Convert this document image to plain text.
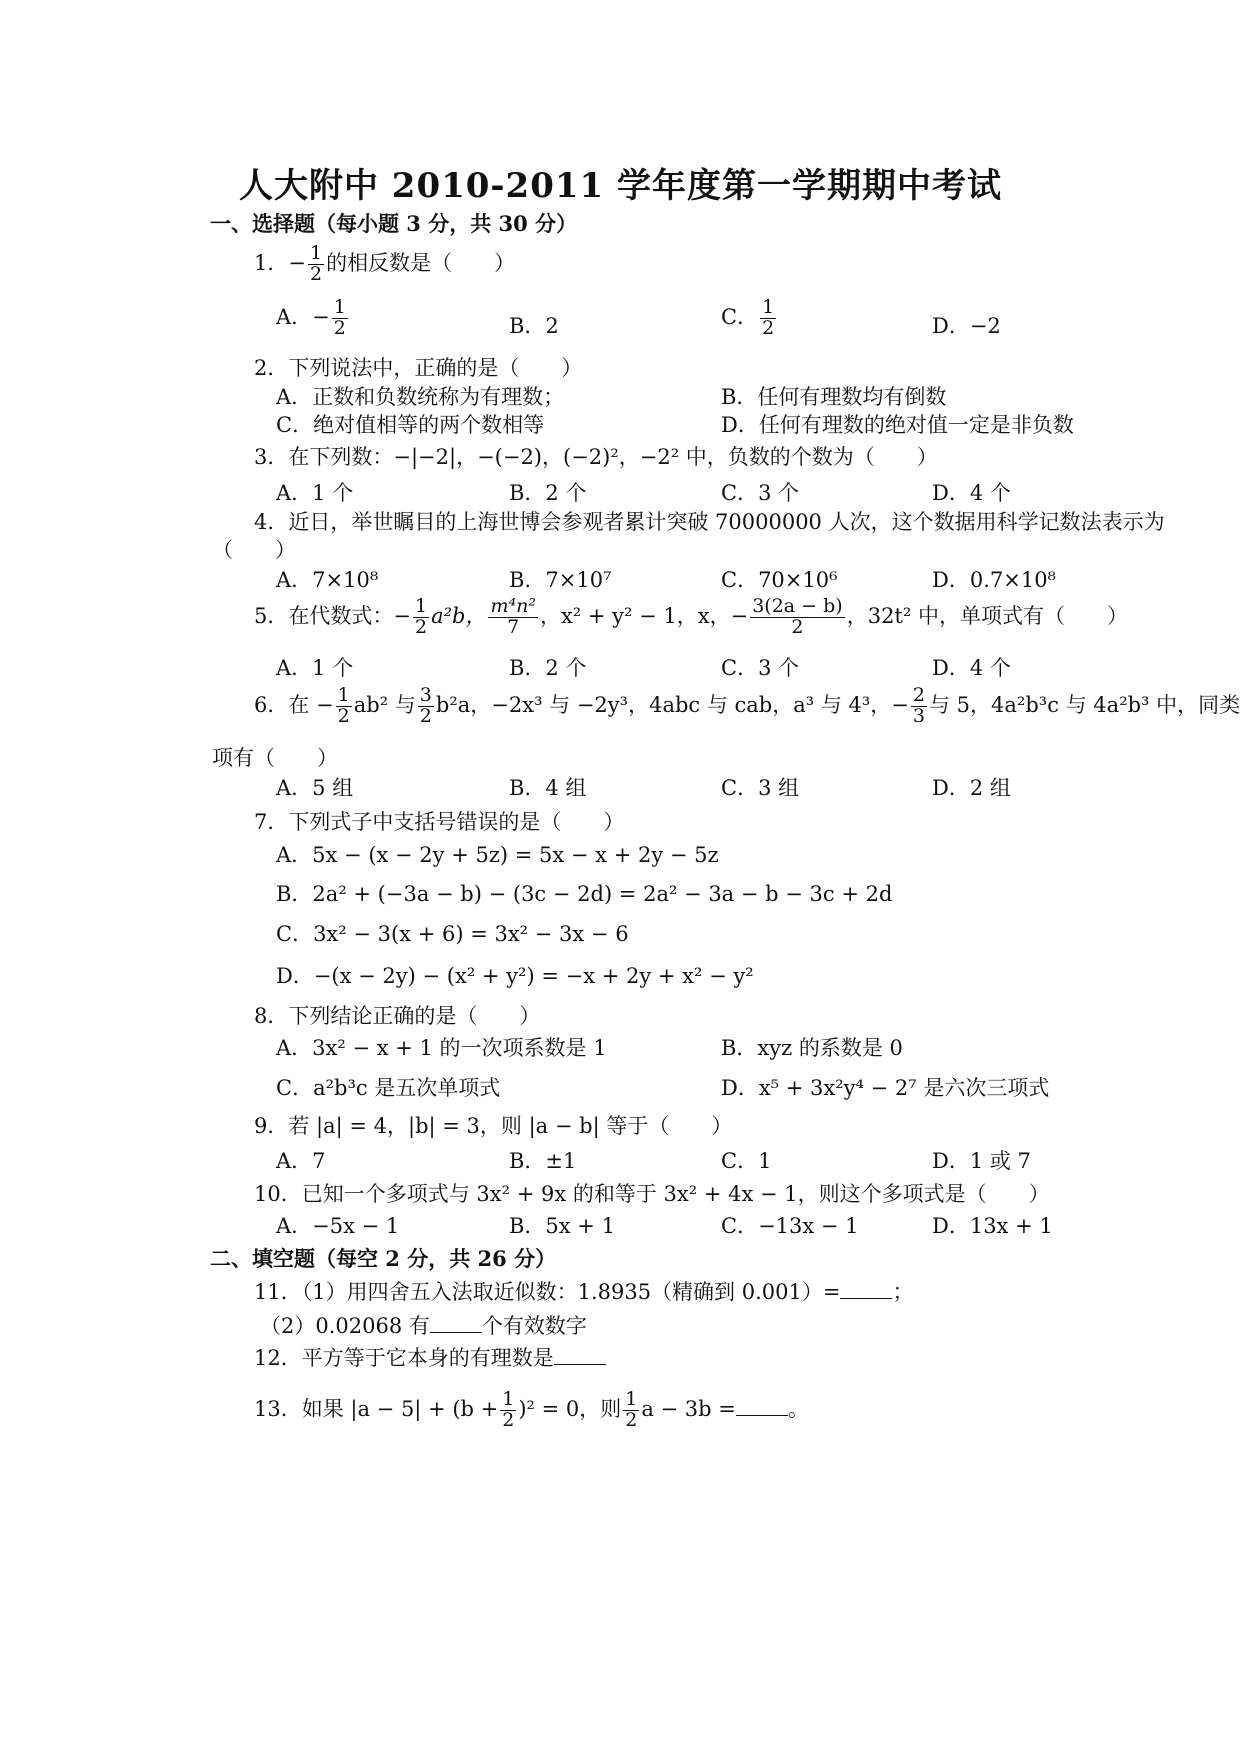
人大附中 2010-2011 学年度第一学期期中考试
一、选择题（每小题 3 分，共 30 分）
1．− $\frac{1}{2}$ 的相反数是（　　）
A．− $\frac{1}{2}$	B．2	C． $\frac{1}{2}$	D．−2
2．下列说法中，正确的是（　　）
A．正数和负数统称为有理数；	B．任何有理数均有倒数
C．绝对值相等的两个数相等	D．任何有理数的绝对值一定是非负数
3．在下列数：−|−2|，−(−2)，(−2)²，−2² 中，负数的个数为（　　）
A．1 个	B．2 个	C．3 个	D．4 个
4．近日，举世瞩目的上海世博会参观者累计突破 70000000 人次，这个数据用科学记数法表示为
（　　）
A．7×10⁸	B．7×10⁷	C．70×10⁶	D．0.7×10⁸
5．在代数式：− $\frac{1}{2} a^2b$， $\frac{\text{m⁴n²}}{7}$ ，x² + y² − 1，x，− $\frac{3(2a - b)}{2}$ ，32t² 中，单项式有（　　）
A．1 个	B．2 个	C．3 个	D．4 个
6．在 − $\frac{1}{2} ab^2$ 与 $\frac{3}{2} b^2a$，−2x³ 与 −2y³，4abc 与 cab，a³ 与 4³，− $\frac{2}{3}$ 与 5，4a²b³c 与 4a²b³ 中，同类
项有（　　）
A．5 组	B．4 组	C．3 组	D．2 组
7．下列式子中支括号错误的是（　　）
A．5x − (x − 2y + 5z) = 5x − x + 2y − 5z
B．2a² + (−3a − b) − (3c − 2d) = 2a² − 3a − b − 3c + 2d
C．3x² − 3(x + 6) = 3x² − 3x − 6
D．−(x − 2y) − (x² + y²) = −x + 2y + x² − y²
8．下列结论正确的是（　　）
A．3x² − x + 1 的一次项系数是 1	B．xyz 的系数是 0
C．a²b³c 是五次单项式	D．x⁵ + 3x²y⁴ − 2⁷ 是六次三项式
9．若 |a| = 4，|b| = 3，则 |a − b| 等于（　　）
A．7	B．±1	C．1	D．1 或 7
10．已知一个多项式与 3x² + 9x 的和等于 3x² + 4x − 1，则这个多项式是（　　）
A．−5x − 1	B．5x + 1	C．−13x − 1	D．13x + 1
二、填空题（每空 2 分，共 26 分）
11．（1）用四舍五入法取近似数：1.8935（精确到 0.001）= ；
（2）0.02068 有 个有效数字
12．平方等于它本身的有理数是
13．如果 $|a - 5| + (b + \frac{1}{2} )^2 = 0$，则 $\frac{1}{2}$ a − 3b = 。
